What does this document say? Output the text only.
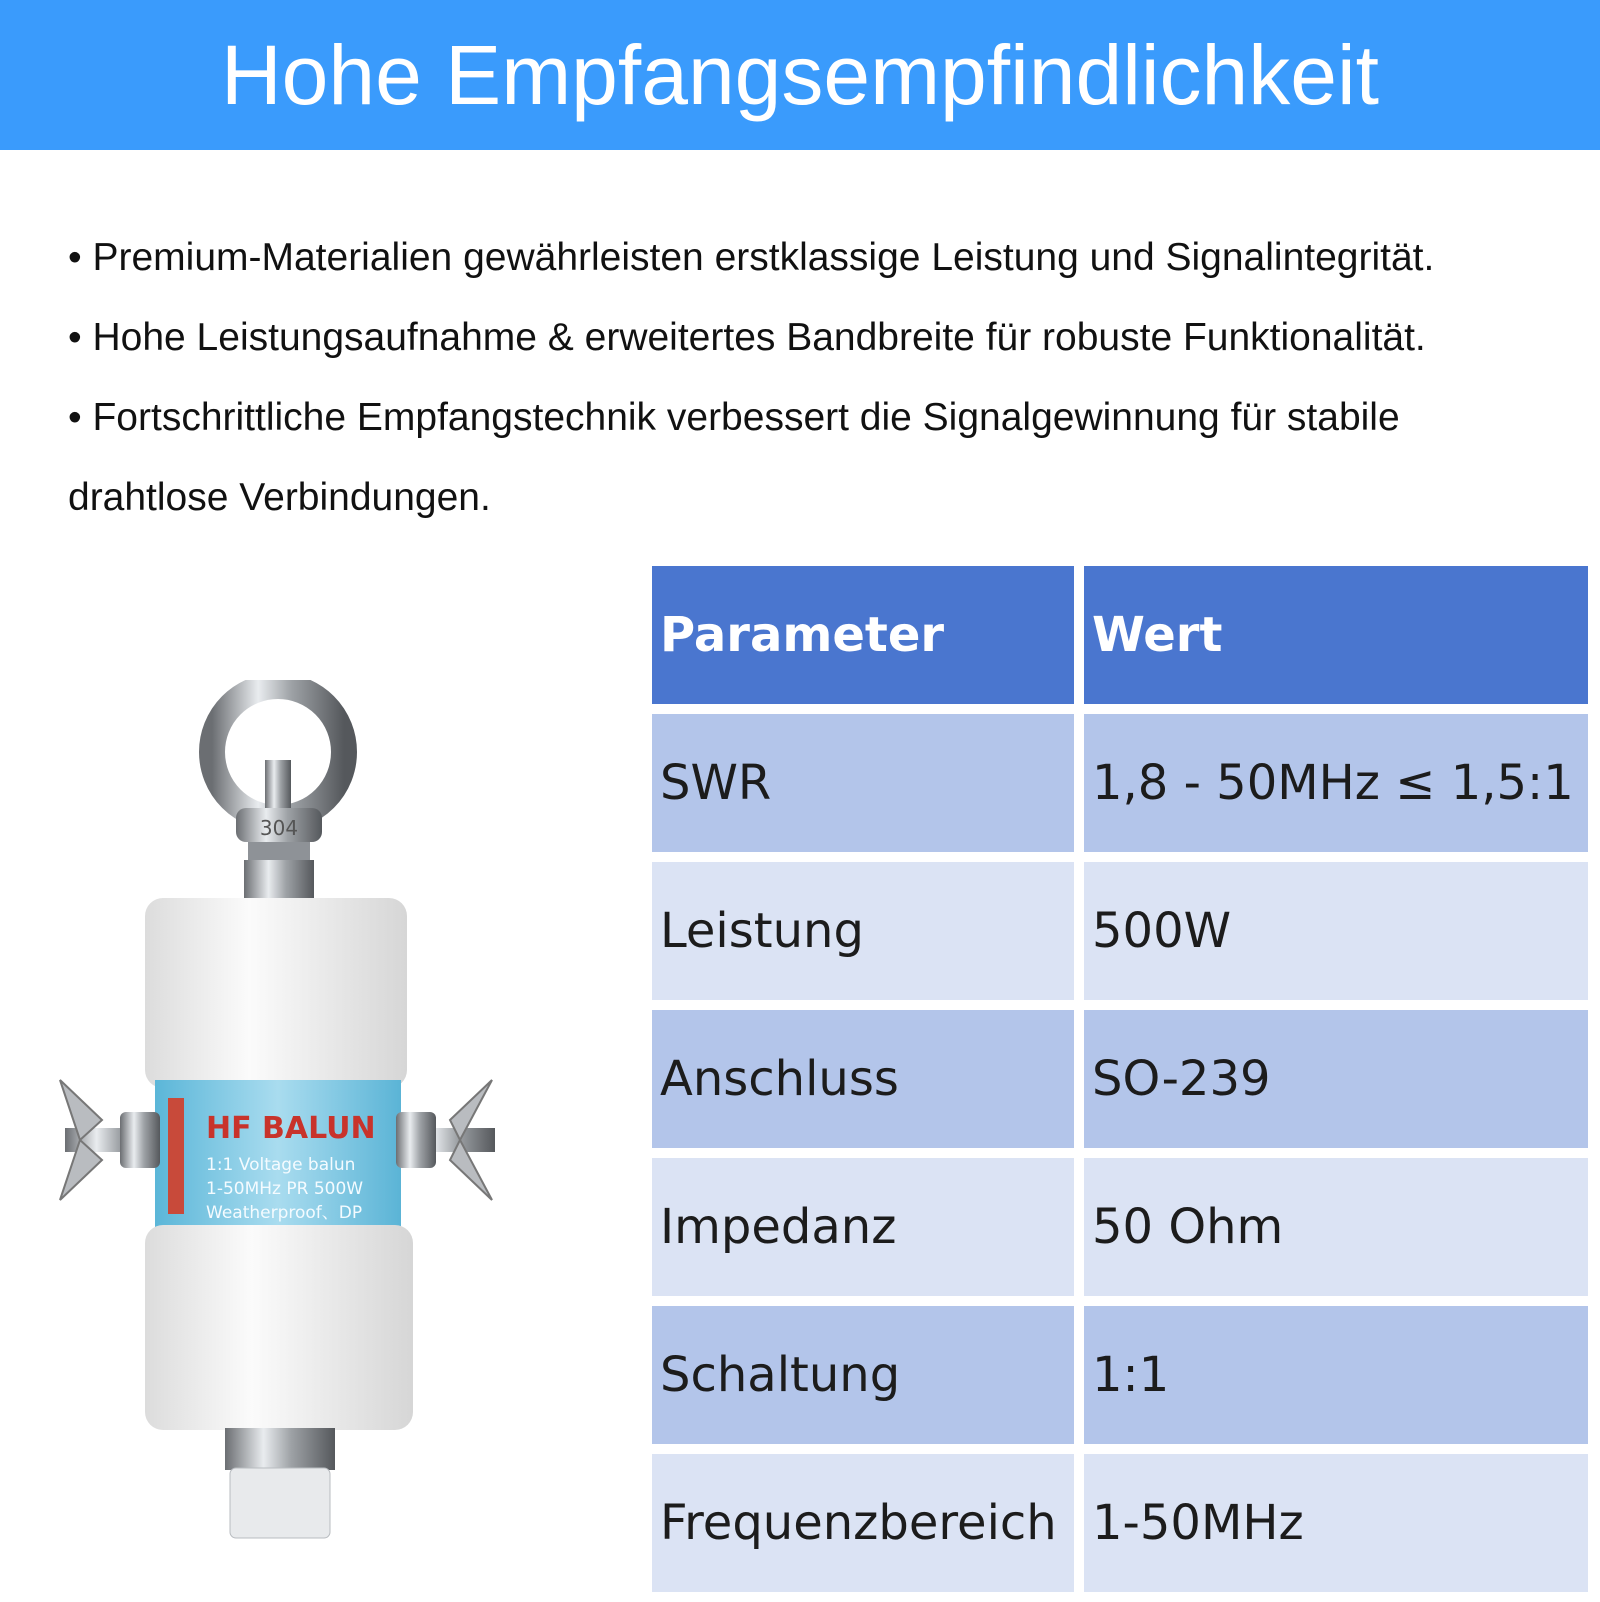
Hohe Empfangsempfindlichkeit

• Premium-Materialien gewährleisten erstklassige Leistung und Signalintegrität.

• Hohe Leistungsaufnahme & erweitertes Bandbreite für robuste Funktionalität.

• Fortschrittliche Empfangstechnik verbessert die Signalgewinnung für stabile drahtlose Verbindungen.

304
HF BALUN
1:1 Voltage balun
1-50MHz PR 500W
Weatherproof、DP
Parameter	Wert
SWR	1,8 - 50MHz ≤ 1,5:1
Leistung	500W
Anschluss	SO-239
Impedanz	50 Ohm
Schaltung	1:1
Frequenzbereich	1-50MHz
